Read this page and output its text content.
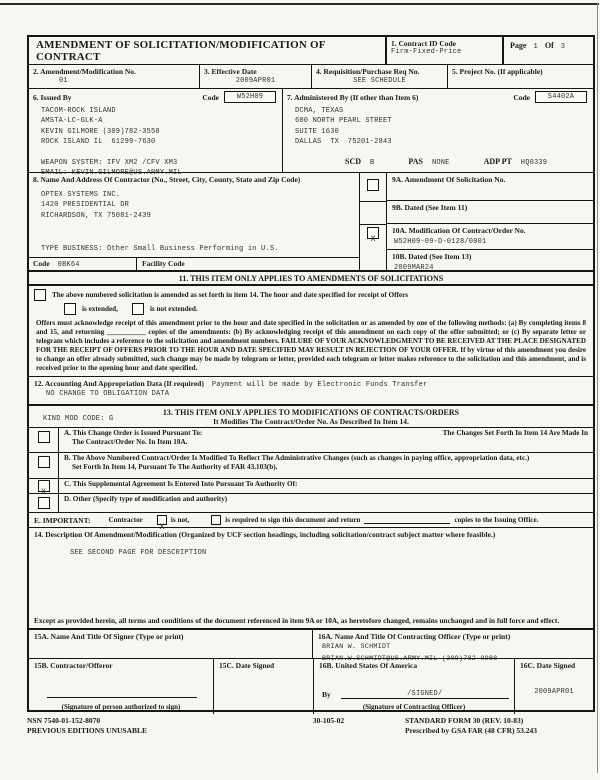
AMENDMENT OF SOLICITATION/MODIFICATION OF CONTRACT
1. Contract ID Code
Firm-Fixed-Price
Page 1 Of 3
2. Amendment/Modification No.
01
3. Effective Date
2009APR01
4. Requisition/Purchase Req No.
SEE SCHEDULE
5. Project No. (If applicable)
6. Issued By	Code	W52H09
TACOM-ROCK ISLAND
AMSTA-LC-GLK-A
KEVIN GILMORE (309)782-3558
ROCK ISLAND IL  61299-7630
WEAPON SYSTEM: IFV XM2 /CFV XM3
EMAIL: KEVIN.GILMORE@US.ARMY.MIL
7. Administered By (If other than Item 6)	Code	S4402A
DCMA, TEXAS
600 NORTH PEARL STREET
SUITE 1630
DALLAS  TX  75201-2843
SCD B	PAS NONE	ADP PT HQ0339
8. Name And Address Of Contractor (No., Street, City, County, State and Zip Code)
OPTEX SYSTEMS INC.
1420 PRESIDENTIAL DR
RICHARDSON, TX 75081-2439
TYPE BUSINESS: Other Small Business Performing in U.S.
Code 0BK64	Facility Code
X
9A. Amendment Of Solicitation No.
9B. Dated (See Item 11)
10A. Modification Of Contract/Order No.
W52H09-09-D-0128/0001
10B. Dated (See Item 13)
2009MAR24
11. THIS ITEM ONLY APPLIES TO AMENDMENTS OF SOLICITATIONS
The above numbered solicitation is amended as set forth in item 14. The hour and date specified for receipt of Offers
is extended,	is not extended.
Offers must acknowledge receipt of this amendment prior to the hour and date specified in the solicitation or as amended by one of the following methods: (a) By completing items 8 and 15, and returning ___________ copies of the amendments: (b) By acknowledging receipt of this amendment on each copy of the offer submitted; or (c) By separate letter or telegram which includes a reference to the solicitation and amendment numbers. FAILURE OF YOUR ACKNOWLEDGMENT TO BE RECEIVED AT THE PLACE DESIGNATED FOR THE RECEIPT OF OFFERS PRIOR TO THE HOUR AND DATE SPECIFIED MAY RESULT IN REJECTION OF YOUR OFFER. If by virtue of this amendment you desire to change an offer already submitted, such change may be made by telegram or letter, provided each telegram or letter makes reference to the solicitation and this amendment, and is received prior to the opening hour and date specified.
12. Accounting And Appropriation Data (If required) Payment will be made by Electronic Funds Transfer
NO CHANGE TO OBLIGATION DATA
13. THIS ITEM ONLY APPLIES TO MODIFICATIONS OF CONTRACTS/ORDERS
It Modifies The Contract/Order No. As Described In Item 14.
KIND MOD CODE: G
A. This Change Order is Issued Pursuant To:	The Changes Set Forth In Item 14 Are Made In
The Contract/Order No. In Item 10A.
B. The Above Numbered Contract/Order Is Modified To Reflect The Administrative Changes (such as changes in paying office, appropriation data, etc.)
Set Forth In Item 14, Pursuant To The Authority of FAR 43.103(b).
X
C. This Supplemental Agreement Is Entered Into Pursuant To Authority Of:
D. Other (Specify type of modification and authority)
E. IMPORTANT:	Contractor
X
is not,	is required to sign this document and return	copies to the Issuing Office.
14. Description Of Amendment/Modification (Organized by UCF section headings, including solicitation/contract subject matter where feasible.)
SEE SECOND PAGE FOR DESCRIPTION
Except as provided herein, all terms and conditions of the document referenced in item 9A or 10A, as heretofore changed, remains unchanged and in full force and effect.
15A. Name And Title Of Signer (Type or print)	16A. Name And Title Of Contracting Officer (Type or print)
BRIAN W. SCHMIDT
BRIAN.W.SCHMIDT@US.ARMY.MIL (309)782-0988
15B. Contractor/Offeror
(Signature of person authorized to sign)
15C. Date Signed	16B. United States Of America
By	/SIGNED/
(Signature of Contracting Officer)
16C. Date Signed
2009APR01
NSN 7540-01-152-8070
PREVIOUS EDITIONS UNUSABLE
30-105-02	STANDARD FORM 30 (REV. 10-83)
Prescribed by GSA FAR (48 CFR) 53.243
